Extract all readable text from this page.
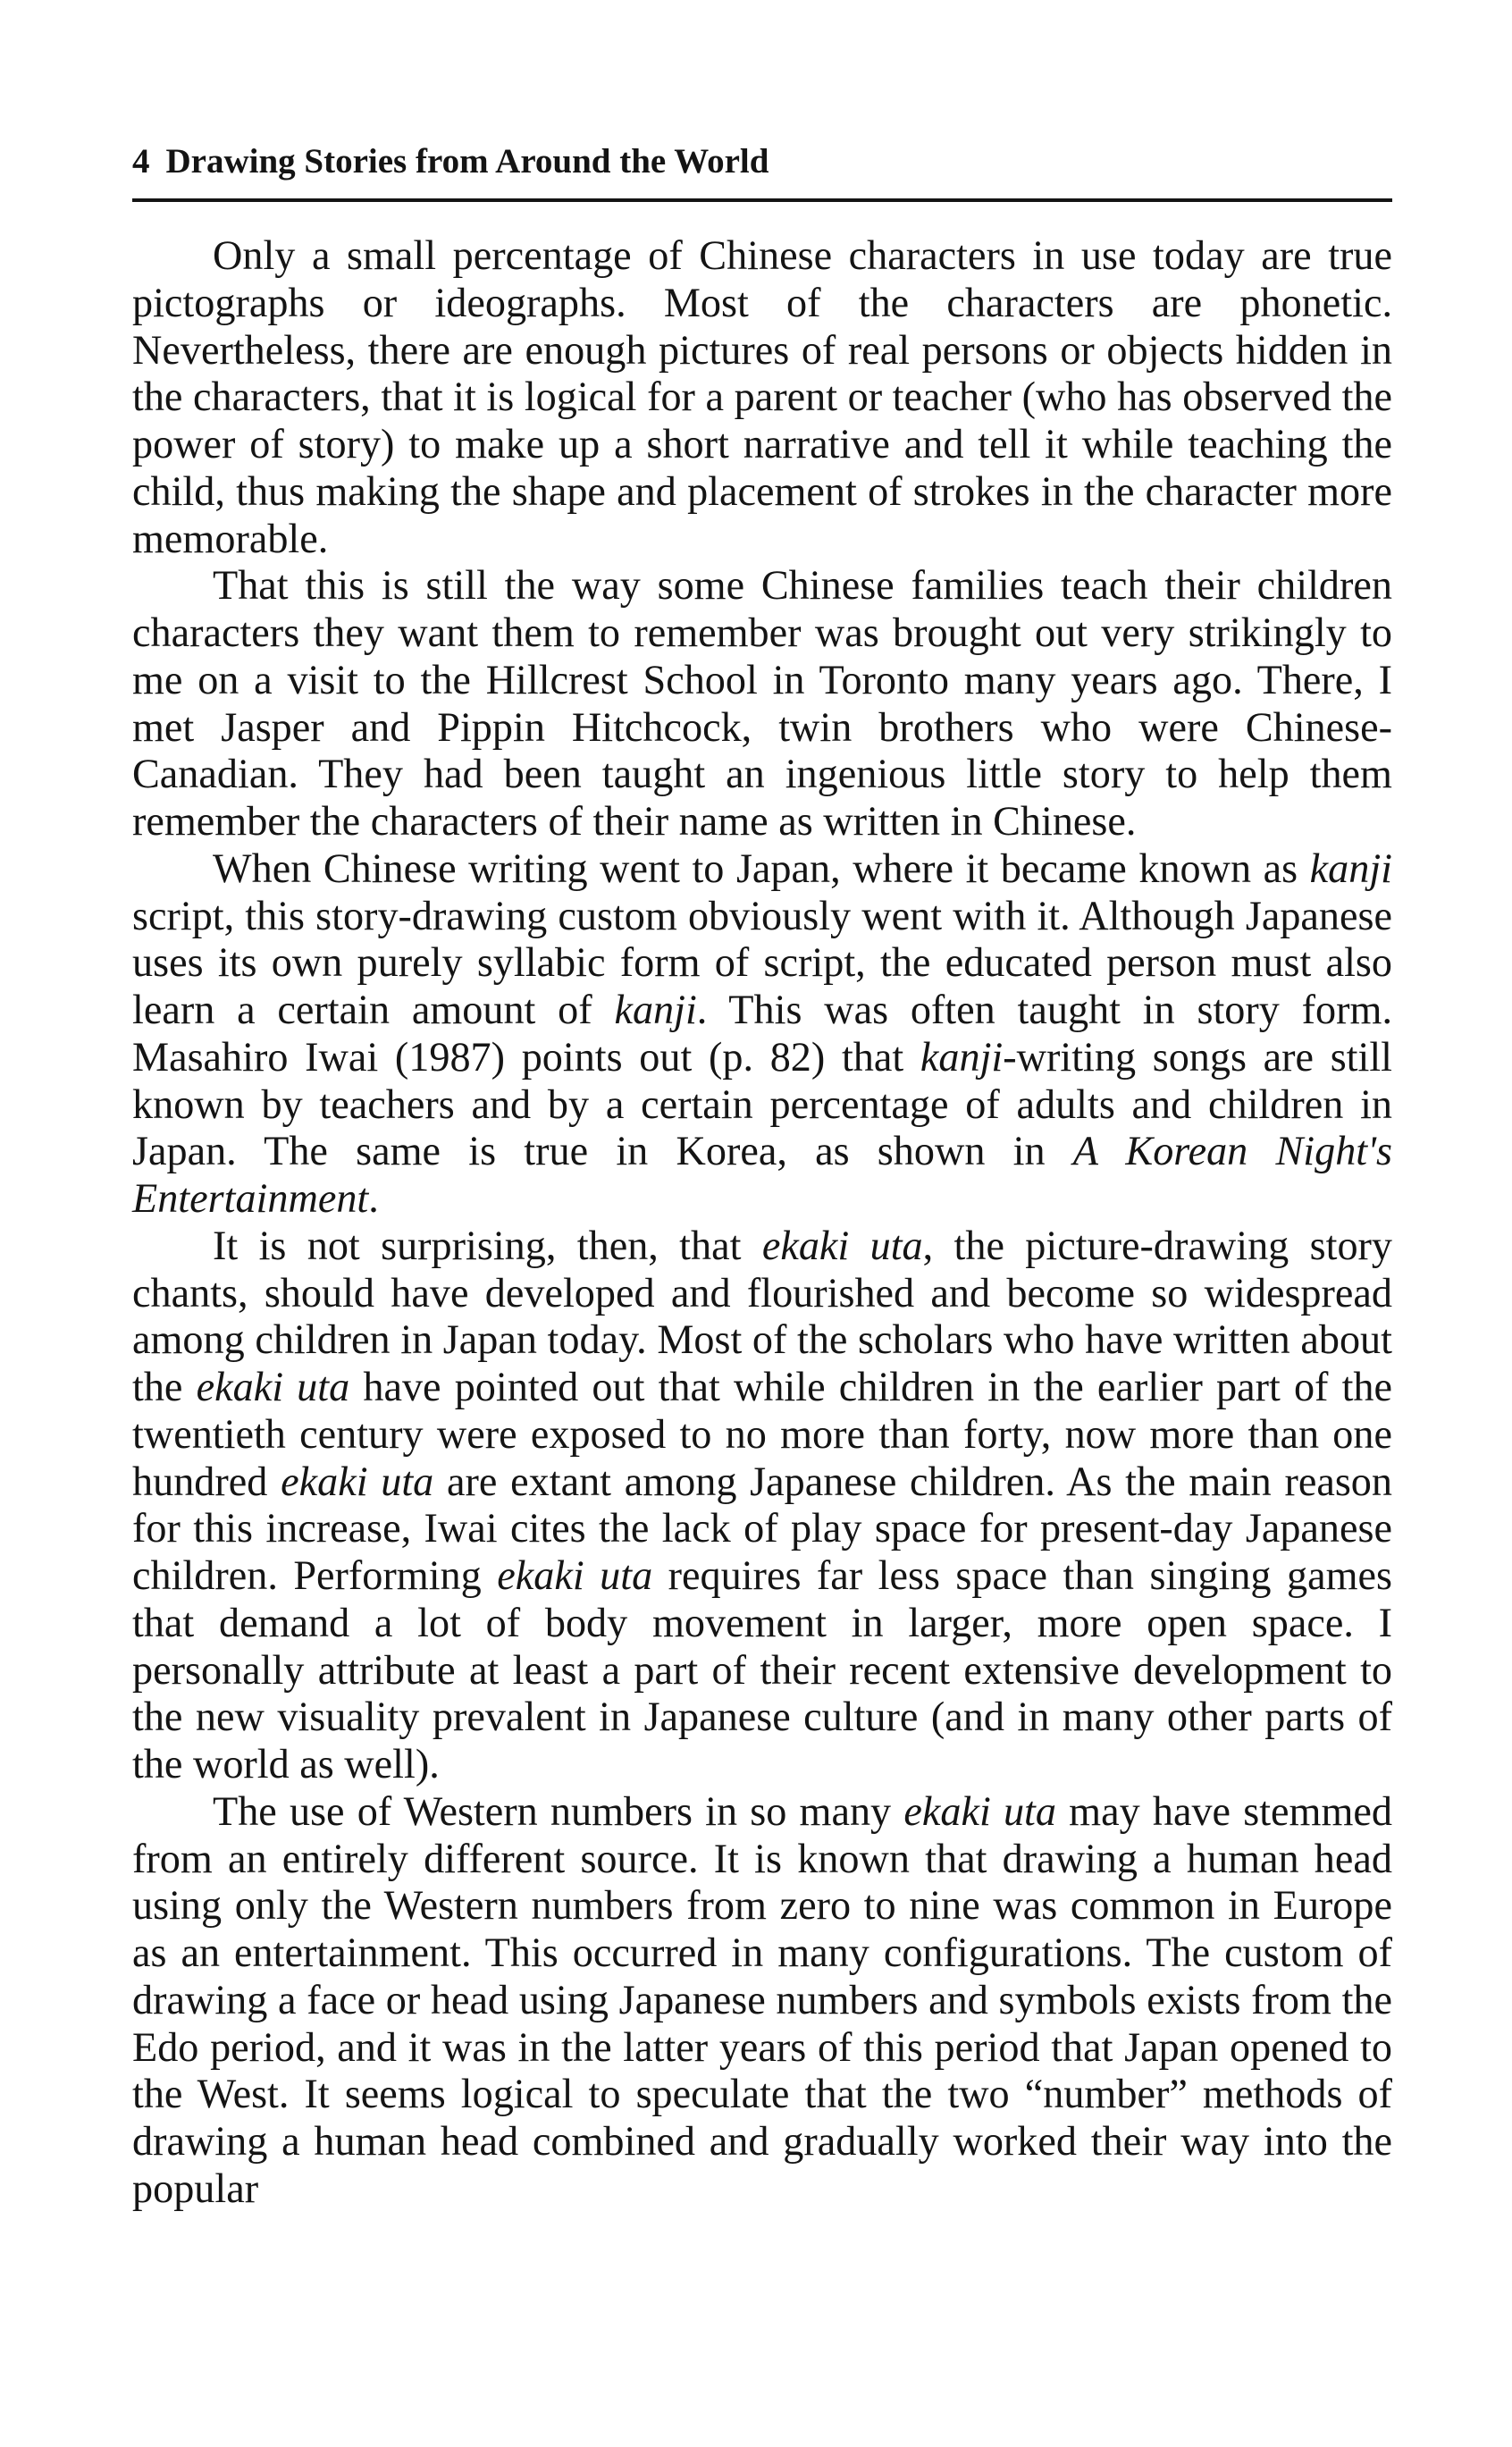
4 Drawing Stories from Around the World

Only a small percentage of Chinese characters in use today are true pictographs or ideographs. Most of the characters are phonetic. Nevertheless, there are enough pictures of real persons or objects hidden in the characters, that it is logical for a parent or teacher (who has observed the power of story) to make up a short narrative and tell it while teaching the child, thus making the shape and placement of strokes in the character more memorable.

That this is still the way some Chinese families teach their children characters they want them to remember was brought out very strikingly to me on a visit to the Hillcrest School in Toronto many years ago. There, I met Jasper and Pippin Hitchcock, twin brothers who were Chinese-Canadian. They had been taught an ingenious little story to help them remember the characters of their name as written in Chinese.

When Chinese writing went to Japan, where it became known as kanji script, this story-drawing custom obviously went with it. Although Japanese uses its own purely syllabic form of script, the educated person must also learn a certain amount of kanji. This was often taught in story form. Masahiro Iwai (1987) points out (p. 82) that kanji-writing songs are still known by teachers and by a certain percentage of adults and children in Japan. The same is true in Korea, as shown in A Korean Night's Entertainment.

It is not surprising, then, that ekaki uta, the picture-drawing story chants, should have developed and flourished and become so widespread among children in Japan today. Most of the scholars who have written about the ekaki uta have pointed out that while children in the earlier part of the twentieth century were exposed to no more than forty, now more than one hundred ekaki uta are extant among Japanese children. As the main reason for this increase, Iwai cites the lack of play space for present-day Japanese children. Performing ekaki uta requires far less space than singing games that demand a lot of body movement in larger, more open space. I personally attribute at least a part of their recent extensive development to the new visuality prevalent in Japanese culture (and in many other parts of the world as well).

The use of Western numbers in so many ekaki uta may have stemmed from an entirely different source. It is known that drawing a human head using only the Western numbers from zero to nine was common in Europe as an entertainment. This occurred in many configurations. The custom of drawing a face or head using Japanese numbers and symbols exists from the Edo period, and it was in the latter years of this period that Japan opened to the West. It seems logical to speculate that the two “number” methods of drawing a human head combined and gradually worked their way into the popular
